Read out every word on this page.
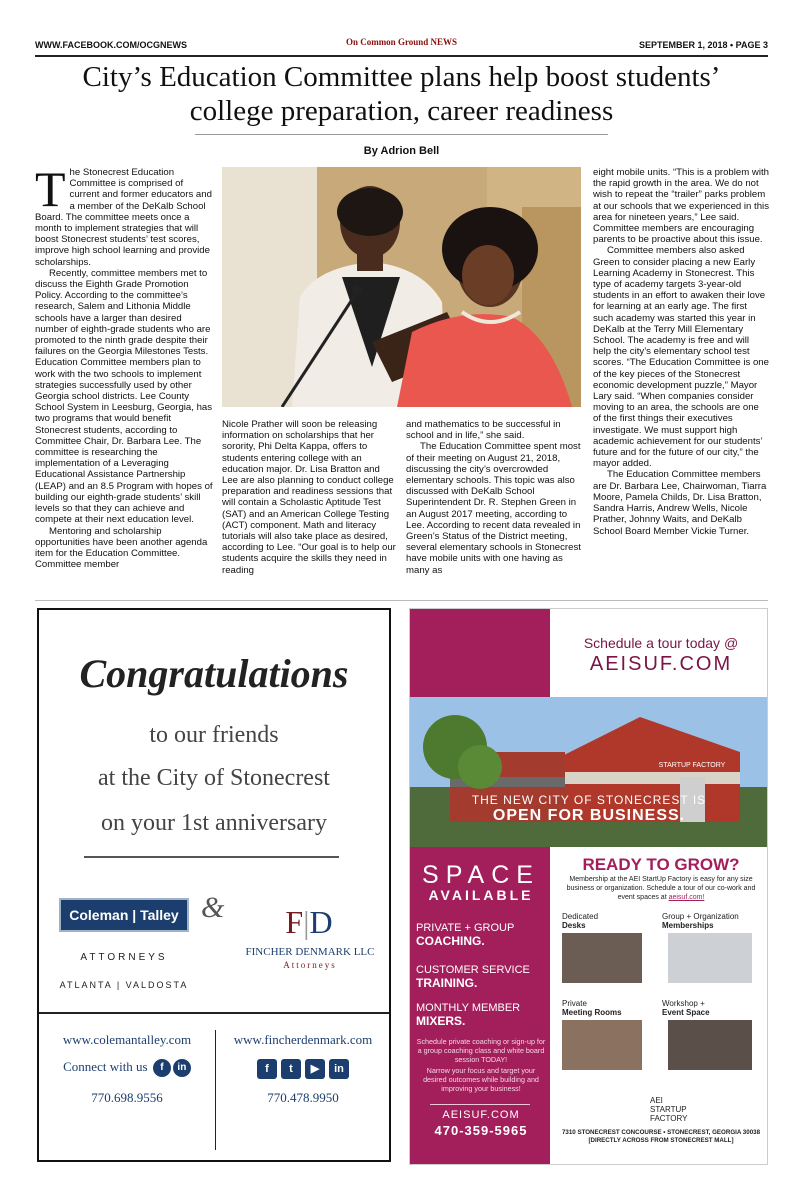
WWW.FACEBOOK.COM/OCGNEWS	On Common Ground NEWS	SEPTEMBER 1, 2018 • PAGE 3
City’s Education Committee plans help boost students’
college preparation, career readiness
By Adrion Bell

The Stonecrest Education Committee is comprised of current and former educators and a member of the DeKalb School Board. The committee meets once a month to implement strategies that will boost Stonecrest students’ test scores, improve high school learning and provide scholarships.

Recently, committee members met to discuss the Eighth Grade Promotion Policy. According to the committee’s research, Salem and Lithonia Middle schools have a larger than desired number of eighth-grade students who are promoted to the ninth grade despite their failures on the Georgia Milestones Tests. Education Committee members plan to work with the two schools to implement strategies successfully used by other Georgia school districts. Lee County School System in Leesburg, Georgia, has two programs that would benefit Stonecrest students, according to Committee Chair, Dr. Barbara Lee. The committee is researching the implementation of a Leveraging Educational Assistance Partnership (LEAP) and an 8.5 Program with hopes of building our eighth-grade students’ skill levels so that they can achieve and compete at their next education level.

Mentoring and scholarship opportunities have been another agenda item for the Education Committee. Committee member

Nicole Prather will soon be releasing information on scholarships that her sorority, Phi Delta Kappa, offers to students entering college with an education major. Dr. Lisa Bratton and Lee are also planning to conduct college preparation and readiness sessions that will contain a Scholastic Aptitude Test (SAT) and an American College Testing (ACT) component. Math and literacy tutorials will also take place as desired, according to Lee. “Our goal is to help our students acquire the skills they need in reading

and mathematics to be successful in school and in life,” she said.

The Education Committee spent most of their meeting on August 21, 2018, discussing the city’s overcrowded elementary schools. This topic was also discussed with DeKalb School Superintendent Dr. R. Stephen Green in an August 2017 meeting, according to Lee. According to recent data revealed in Green’s Status of the District meeting, several elementary schools in Stonecrest have mobile units with one having as many as

eight mobile units. “This is a problem with the rapid growth in the area. We do not wish to repeat the “trailer” parks problem at our schools that we experienced in this area for nineteen years,” Lee said. Committee members are encouraging parents to be proactive about this issue.

Committee members also asked Green to consider placing a new Early Learning Academy in Stonecrest. This type of academy targets 3-year-old students in an effort to awaken their love for learning at an early age. The first such academy was started this year in DeKalb at the Terry Mill Elementary School. The academy is free and will help the city’s elementary school test scores. “The Education Committee is one of the key pieces of the Stonecrest economic development puzzle,” Mayor Lary said. “When companies consider moving to an area, the schools are one of the first things their executives investigate. We must support high academic achievement for our students’ future and for the future of our city,” the mayor added.

The Education Committee members are Dr. Barbara Lee, Chairwoman, Tiarra Moore, Pamela Childs, Dr. Lisa Bratton, Sandra Harris, Andrew Wells, Nicole Prather, Johnny Waits, and DeKalb School Board Member Vickie Turner.

Congratulations
to our friends
at the City of Stonecrest
on your 1st anniversary
Coleman | Talley &	F|D
FINCHER DENMARK LLC
Attorneys
ATTORNEYS
ATLANTA | VALDOSTA
www.colemantalley.com
Connect with us f in
770.698.9556
www.fincherdenmark.com
f t ▶ in
770.478.9950
Schedule a tour today @
AEISUF.COM
STARTUP FACTORY
THE NEW CITY OF STONECREST IS
OPEN FOR BUSINESS.
SPACE
AVAILABLE
PRIVATE + GROUP
COACHING.
CUSTOMER SERVICE
TRAINING.
MONTHLY MEMBER
MIXERS.
Schedule private coaching or sign-up for a group coaching class and white board session TODAY!
Narrow your focus and target your desired outcomes while building and improving your business!
AEISUF.COM
470-359-5965
READY TO GROW?
Membership at the AEI StartUp Factory is easy for any size business or organization. Schedule a tour of our co-work and event spaces at aeisuf.com!
Dedicated
Desks
Group + Organization
Memberships
Private
Meeting Rooms
Workshop +
Event Space
AEI
STARTUP
FACTORY
7310 STONECREST CONCOURSE • STONECREST, GEORGIA 30038
[DIRECTLY ACROSS FROM STONECREST MALL]
